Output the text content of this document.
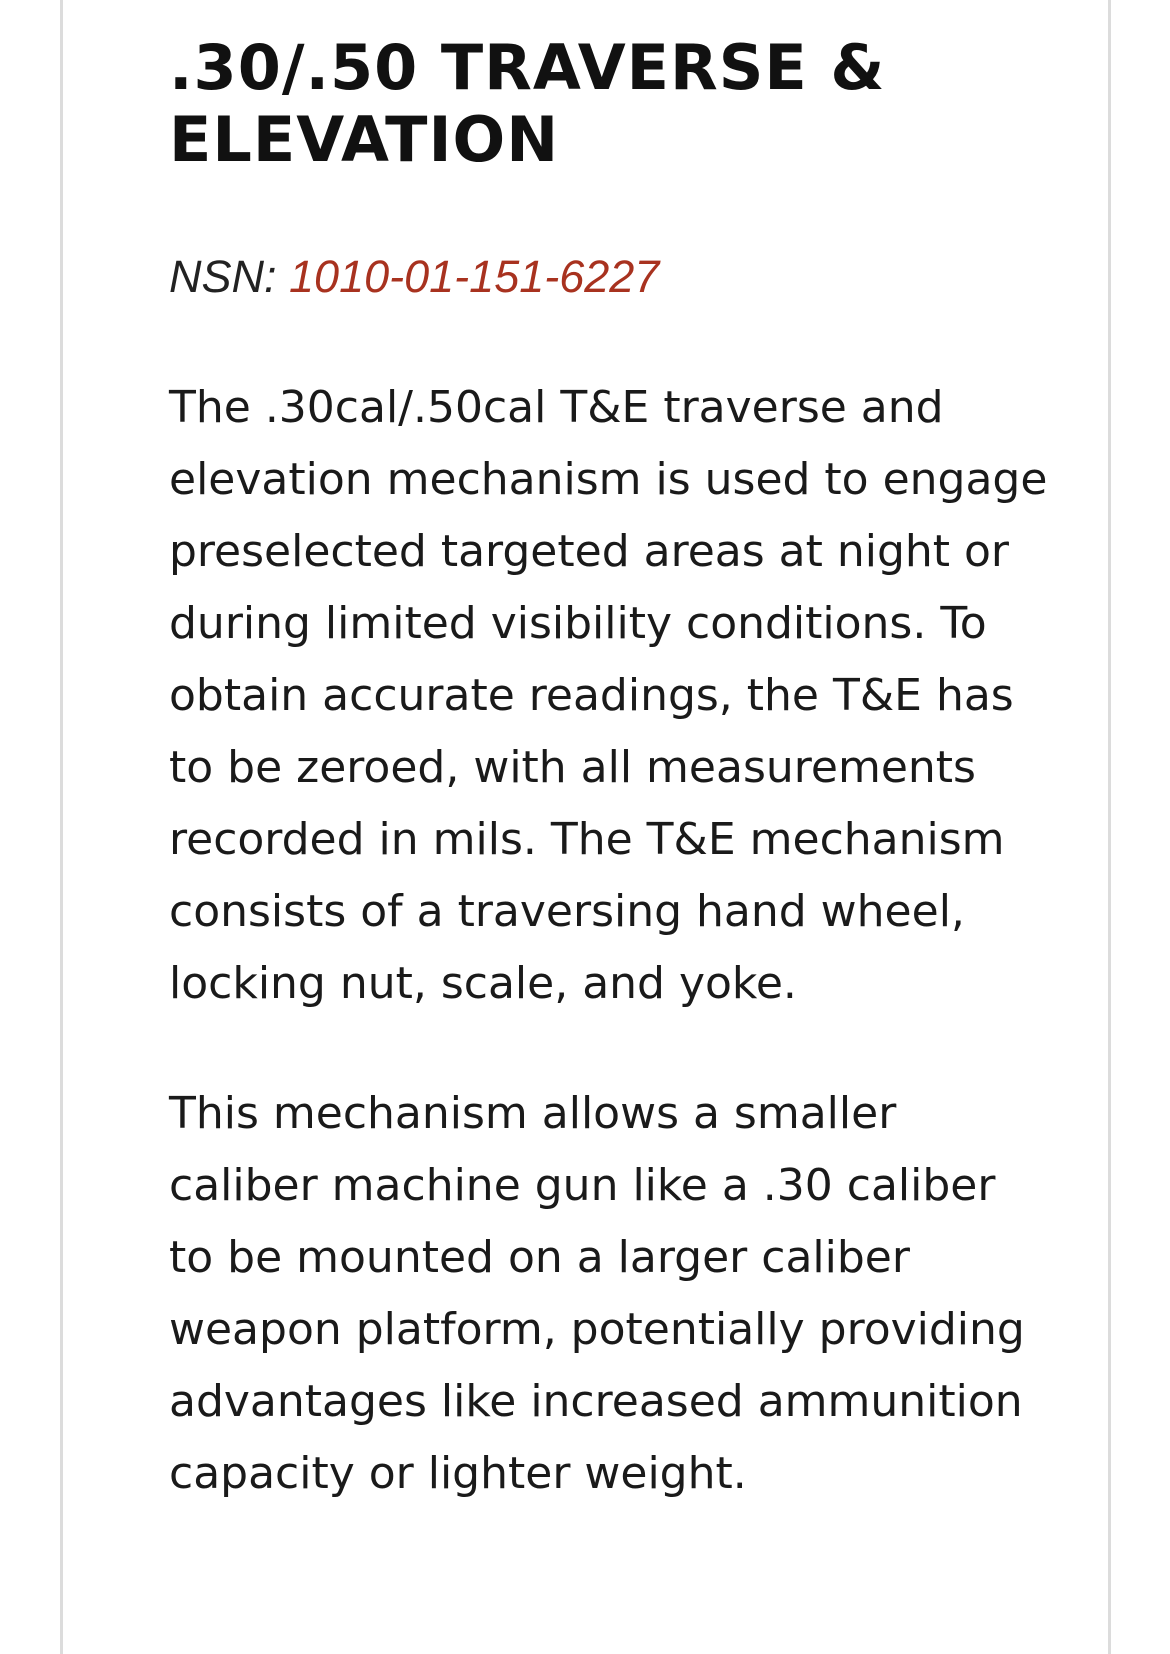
.30/.50 TRAVERSE &
ELEVATION

NSN: 1010-01-151-6227

The .30cal/.50cal T&E traverse and elevation mechanism is used to engage preselected targeted areas at night or during limited visibility conditions. To obtain accurate readings, the T&E has to be zeroed, with all measurements recorded in mils. The T&E mechanism consists of a traversing hand wheel, locking nut, scale, and yoke.

This mechanism allows a smaller caliber machine gun like a .30 caliber to be mounted on a larger caliber weapon platform, potentially providing advantages like increased ammunition capacity or lighter weight.
